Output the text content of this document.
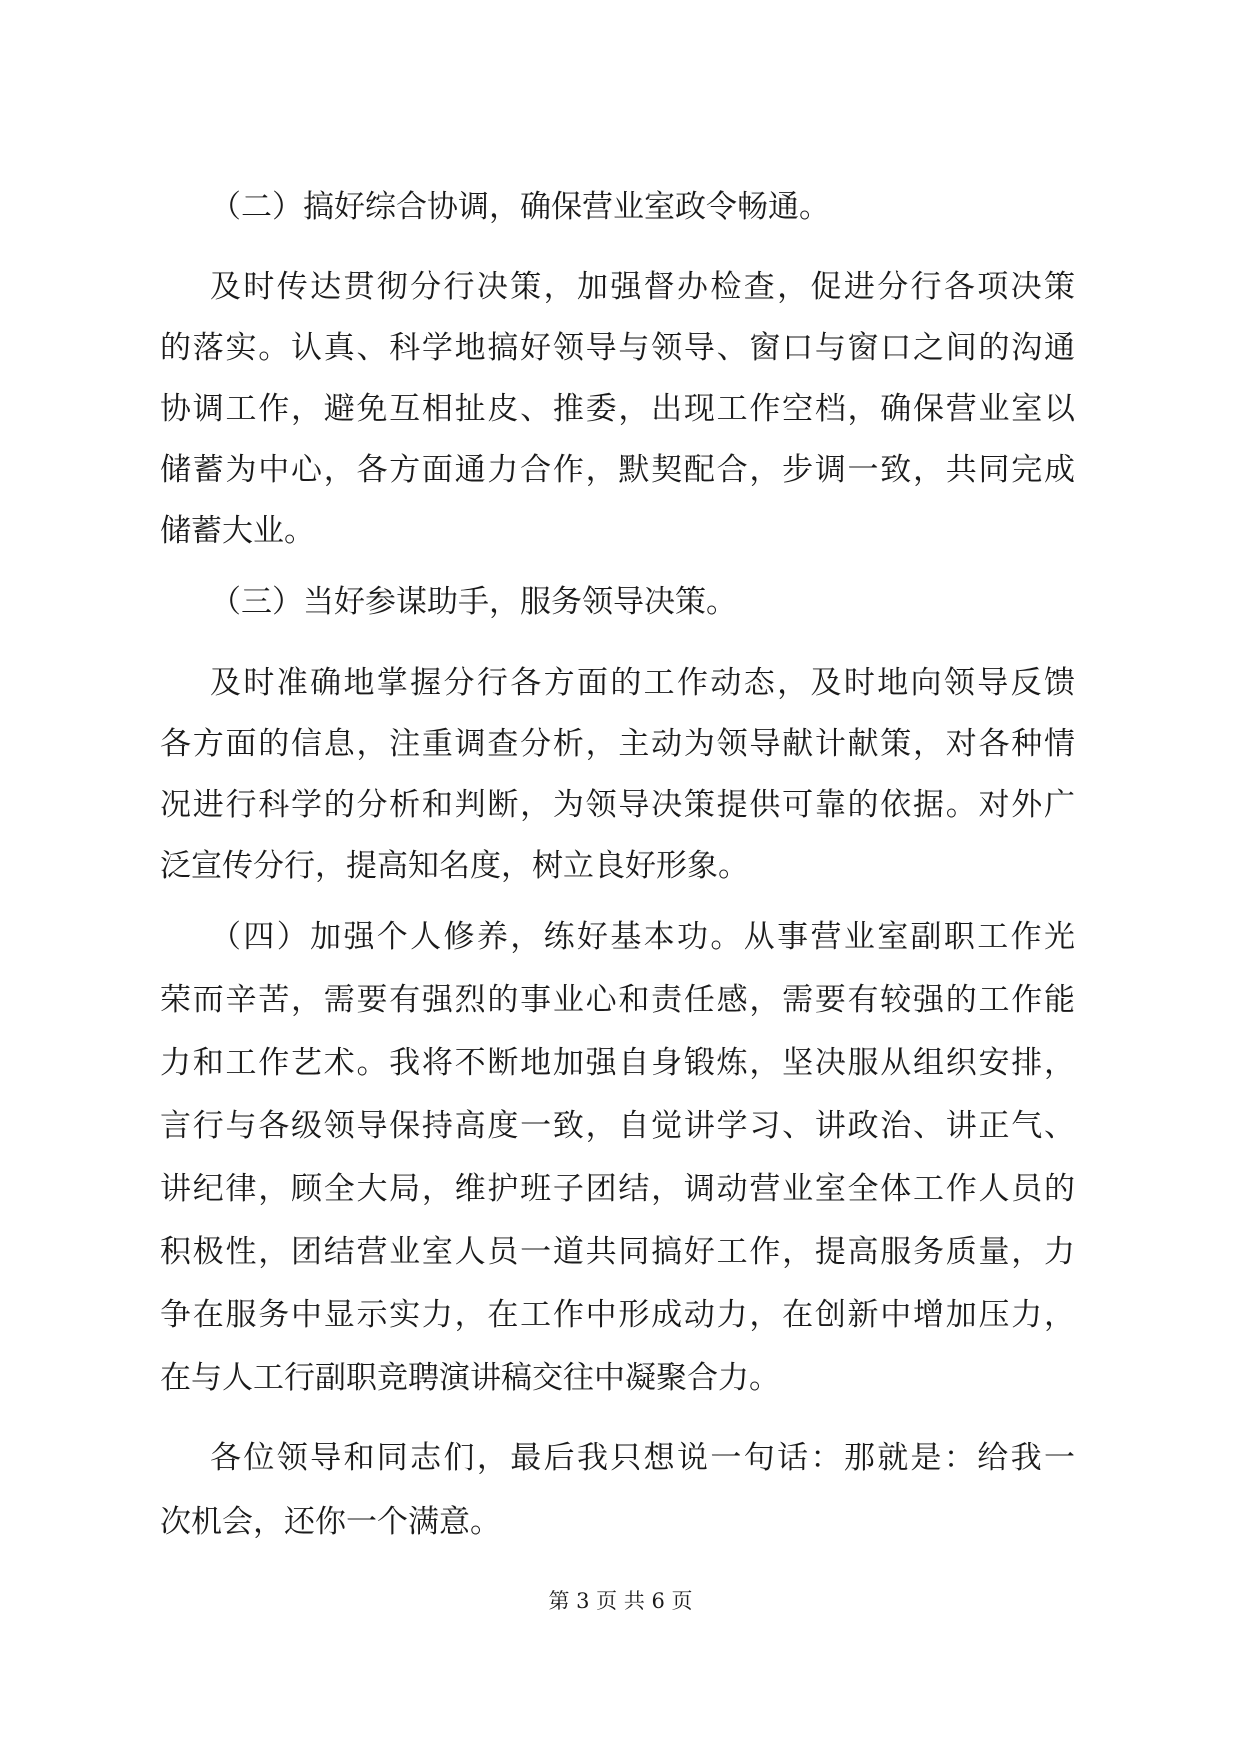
（二）搞好综合协调，确保营业室政令畅通。
及时传达贯彻分行决策，加强督办检查，促进分行各项决策
的落实。认真、科学地搞好领导与领导、窗口与窗口之间的沟通
协调工作，避免互相扯皮、推委，出现工作空档，确保营业室以
储蓄为中心，各方面通力合作，默契配合，步调一致，共同完成
储蓄大业。
（三）当好参谋助手，服务领导决策。
及时准确地掌握分行各方面的工作动态，及时地向领导反馈
各方面的信息，注重调查分析，主动为领导献计献策，对各种情
况进行科学的分析和判断，为领导决策提供可靠的依据。对外广
泛宣传分行，提高知名度，树立良好形象。
（四）加强个人修养，练好基本功。从事营业室副职工作光
荣而辛苦，需要有强烈的事业心和责任感，需要有较强的工作能
力和工作艺术。我将不断地加强自身锻炼，坚决服从组织安排，
言行与各级领导保持高度一致，自觉讲学习、讲政治、讲正气、
讲纪律，顾全大局，维护班子团结，调动营业室全体工作人员的
积极性，团结营业室人员一道共同搞好工作，提高服务质量，力
争在服务中显示实力，在工作中形成动力，在创新中增加压力，
在与人工行副职竞聘演讲稿交往中凝聚合力。
各位领导和同志们，最后我只想说一句话：那就是：给我一
次机会，还你一个满意。
第 3 页 共 6 页
